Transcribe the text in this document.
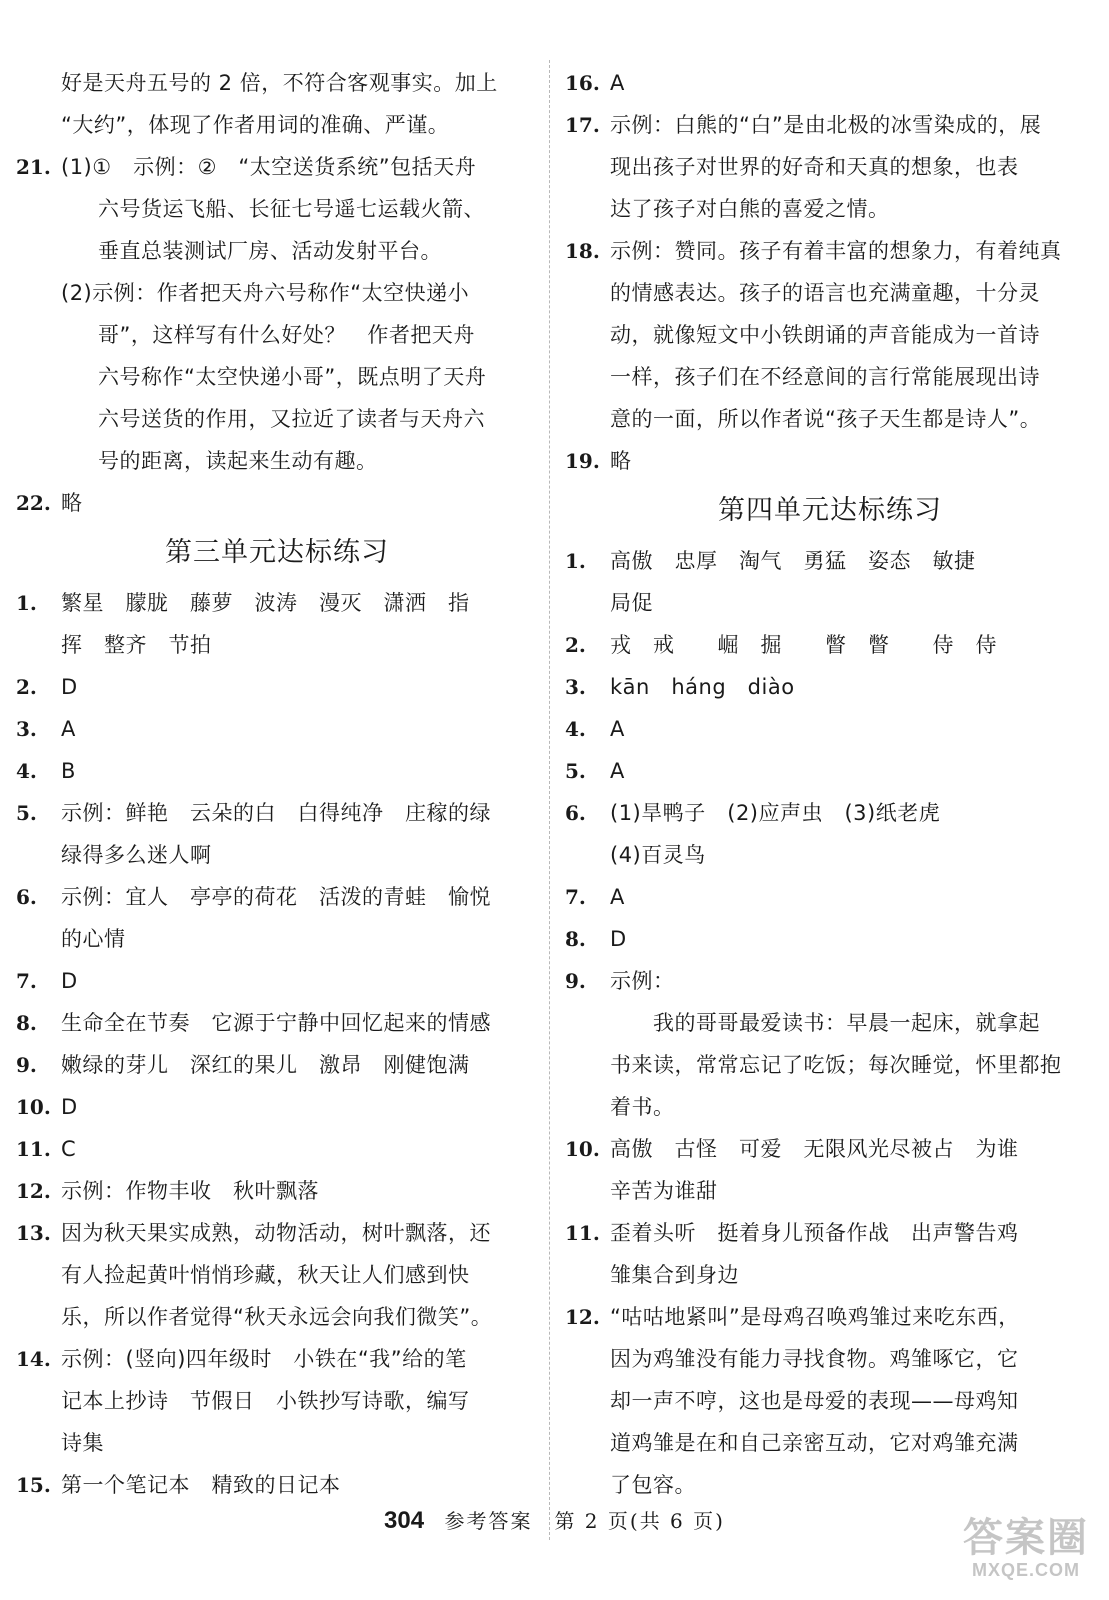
好是天舟五号的 2 倍，不符合客观事实。加上
“大约”，体现了作者用词的准确、严谨。
21. (1)①　示例：②　“太空送货系统”包括天舟
六号货运飞船、长征七号遥七运载火箭、
垂直总装测试厂房、活动发射平台。
(2)示例：作者把天舟六号称作“太空快递小
哥”，这样写有什么好处？　作者把天舟
六号称作“太空快递小哥”，既点明了天舟
六号送货的作用，又拉近了读者与天舟六
号的距离，读起来生动有趣。
22. 略
第三单元达标练习
1.	繁星　朦胧　藤萝　波涛　漫灭　潇洒　指
挥　整齐　节拍
2.	D
3.	A
4.	B
5.	示例：鲜艳　云朵的白　白得纯净　庄稼的绿
绿得多么迷人啊
6.	示例：宜人　亭亭的荷花　活泼的青蛙　愉悦
的心情
7.	D
8.	生命全在节奏　它源于宁静中回忆起来的情感
9.	嫩绿的芽儿　深红的果儿　激昂　刚健饱满
10. D
11. C
12. 示例：作物丰收　秋叶飘落
13. 因为秋天果实成熟，动物活动，树叶飘落，还
有人捡起黄叶悄悄珍藏，秋天让人们感到快
乐，所以作者觉得“秋天永远会向我们微笑”。
14. 示例：(竖向)四年级时　小铁在“我”给的笔
记本上抄诗　节假日　小铁抄写诗歌，编写
诗集
15. 第一个笔记本　精致的日记本
16. A
17. 示例：白熊的“白”是由北极的冰雪染成的，展
现出孩子对世界的好奇和天真的想象，也表
达了孩子对白熊的喜爱之情。
18. 示例：赞同。孩子有着丰富的想象力，有着纯真
的情感表达。孩子的语言也充满童趣，十分灵
动，就像短文中小铁朗诵的声音能成为一首诗
一样，孩子们在不经意间的言行常能展现出诗
意的一面，所以作者说“孩子天生都是诗人”。
19. 略
第四单元达标练习
1.	高傲　忠厚　淘气　勇猛　姿态　敏捷
局促
2.	戎　戒　　崛　掘　　瞥　瞥　　侍　侍
3.	kān　háng　diào
4.	A
5.	A
6.	(1)旱鸭子　(2)应声虫　(3)纸老虎
(4)百灵鸟
7.	A
8.	D
9.	示例：
　　我的哥哥最爱读书：早晨一起床，就拿起
书来读，常常忘记了吃饭；每次睡觉，怀里都抱
着书。
10. 高傲　古怪　可爱　无限风光尽被占　为谁
辛苦为谁甜
11. 歪着头听　挺着身儿预备作战　出声警告鸡
雏集合到身边
12. “咕咕地紧叫”是母鸡召唤鸡雏过来吃东西，
因为鸡雏没有能力寻找食物。鸡雏啄它，它
却一声不哼，这也是母爱的表现——母鸡知
道鸡雏是在和自己亲密互动，它对鸡雏充满
了包容。
304 参考答案　第 2 页(共 6 页)	答案圈
MXQE.COM
